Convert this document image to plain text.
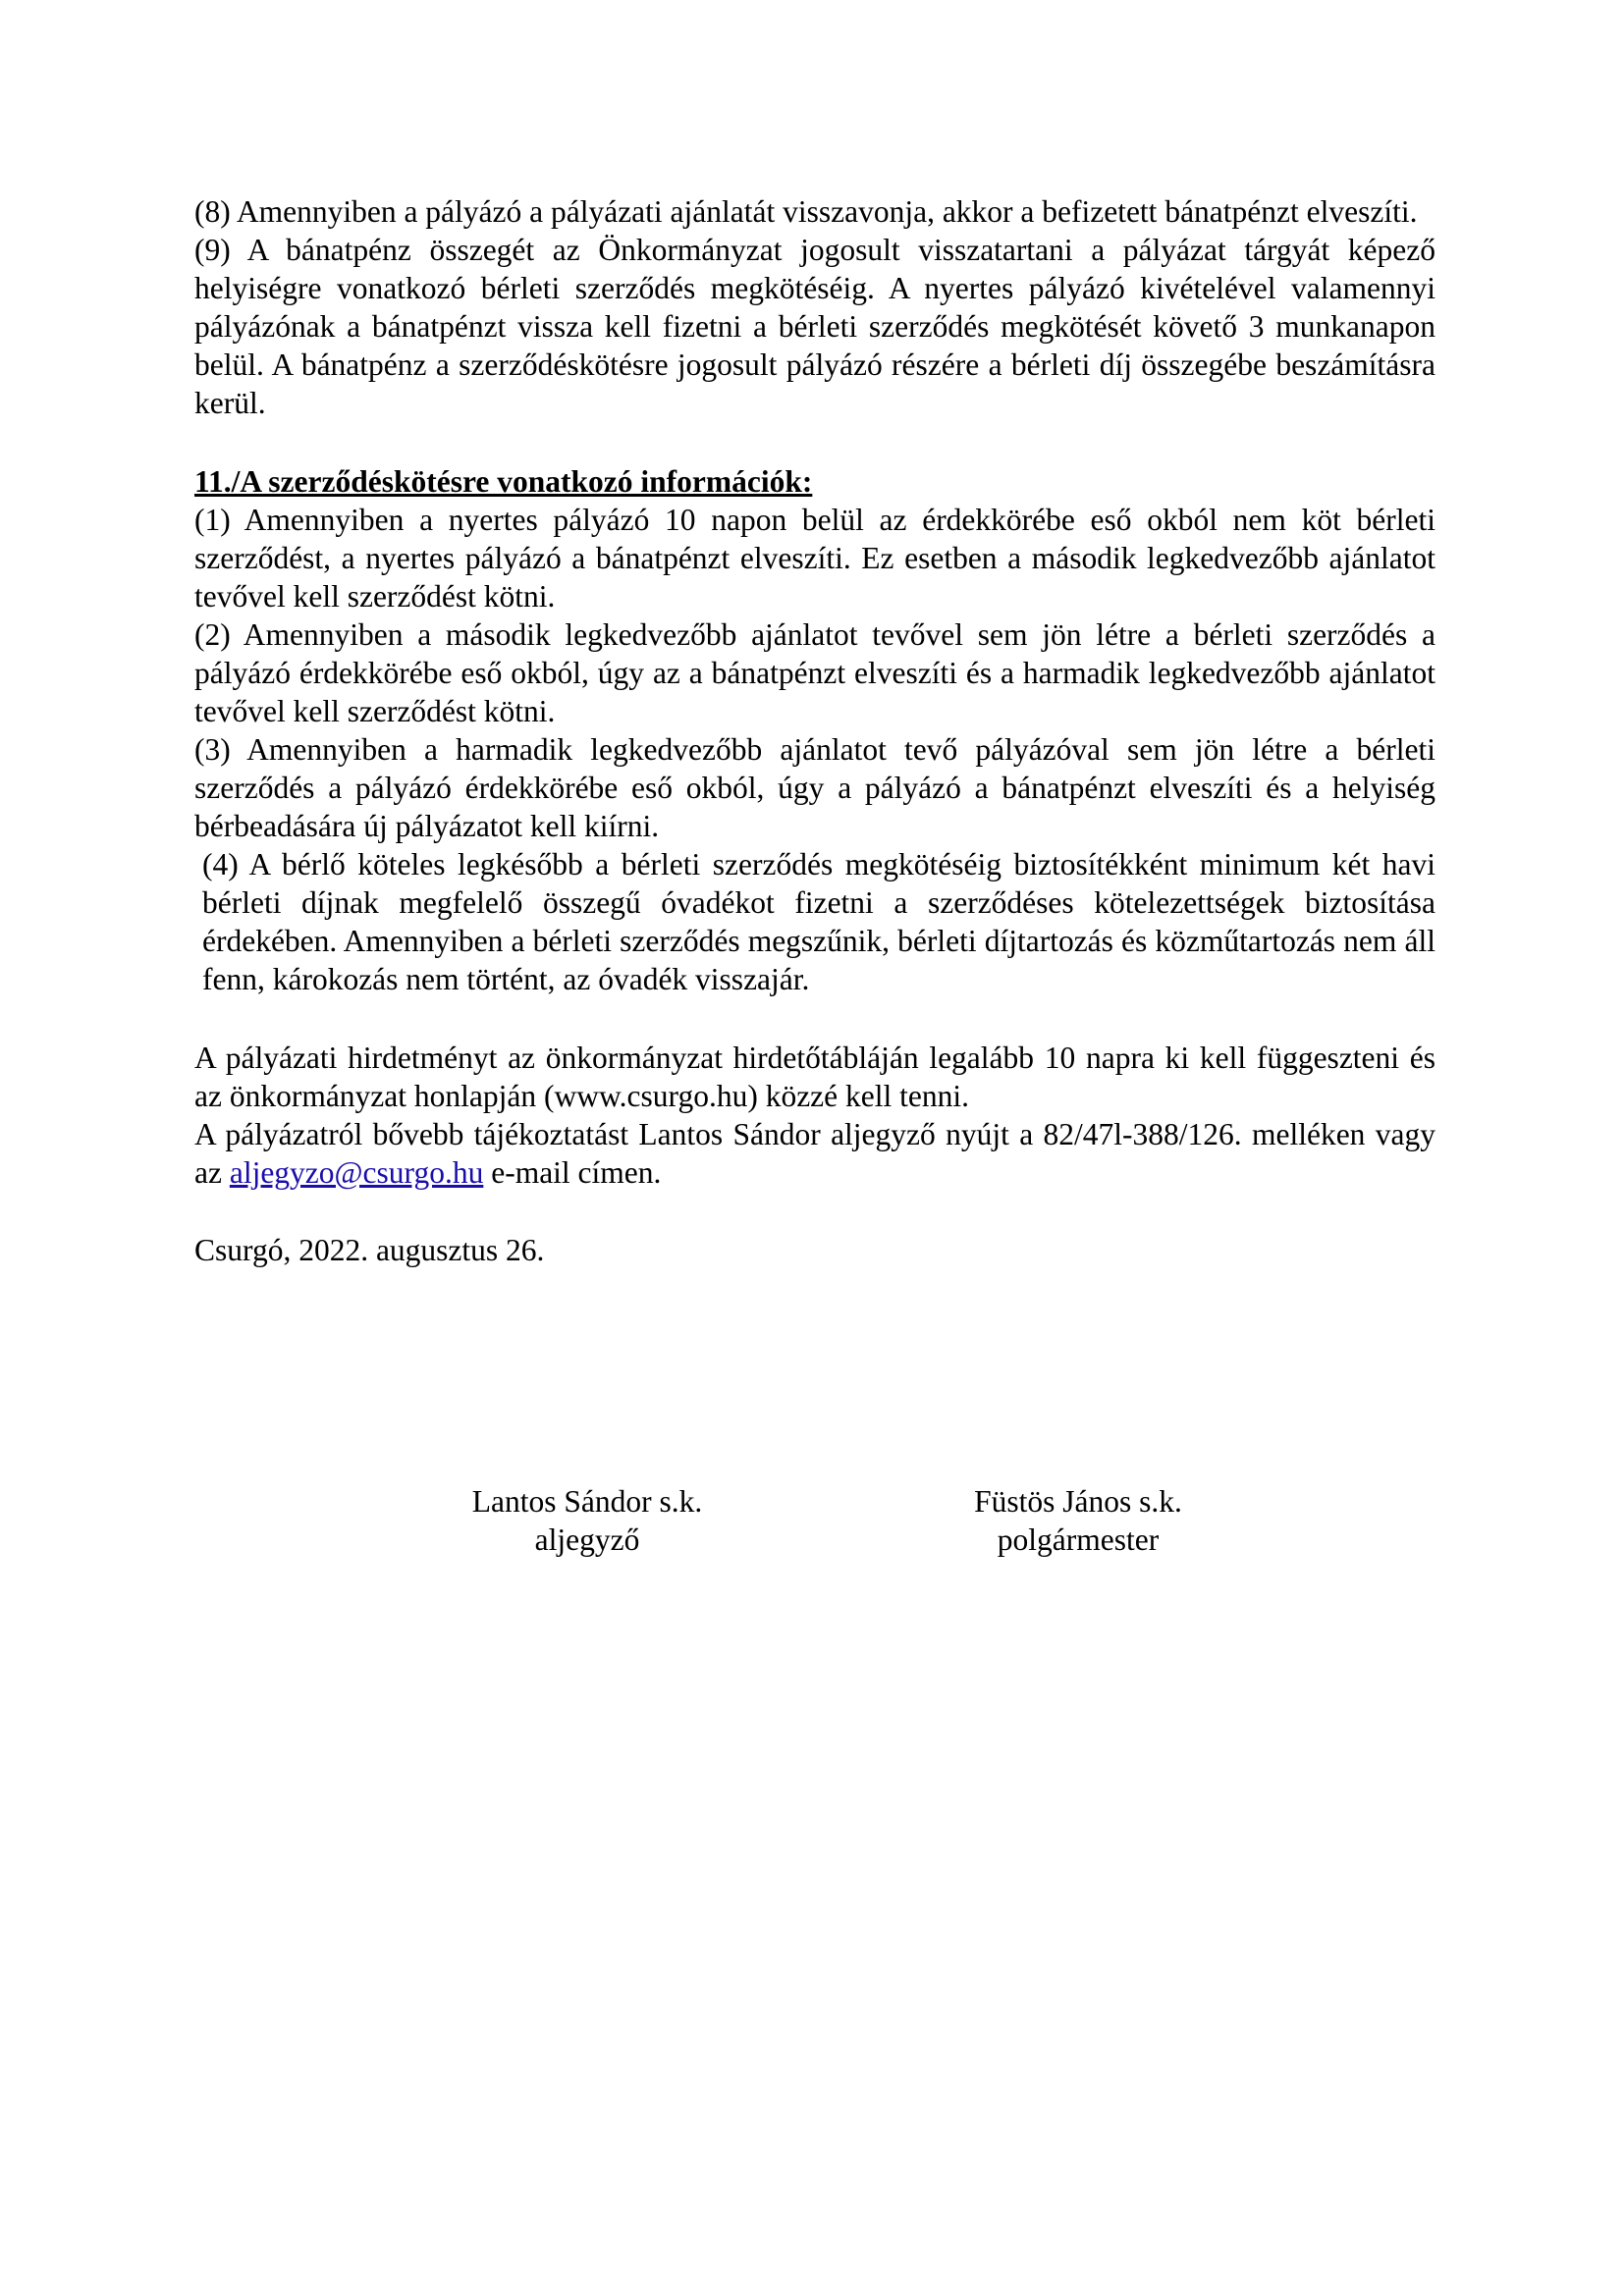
(8) Amennyiben a pályázó a pályázati ajánlatát visszavonja, akkor a befizetett bánatpénzt elveszíti.

(9) A bánatpénz összegét az Önkormányzat jogosult visszatartani a pályázat tárgyát képező helyiségre vonatkozó bérleti szerződés megkötéséig. A nyertes pályázó kivételével valamennyi pályázónak a bánatpénzt vissza kell fizetni a bérleti szerződés megkötését követő 3 munkanapon belül. A bánatpénz a szerződéskötésre jogosult pályázó részére a bérleti díj összegébe beszámításra kerül.

11./A szerződéskötésre vonatkozó információk:

(1) Amennyiben a nyertes pályázó 10 napon belül az érdekkörébe eső okból nem köt bérleti szerződést, a nyertes pályázó a bánatpénzt elveszíti. Ez esetben a második legkedvezőbb ajánlatot tevővel kell szerződést kötni.

(2) Amennyiben a második legkedvezőbb ajánlatot tevővel sem jön létre a bérleti szerződés a pályázó érdekkörébe eső okból, úgy az a bánatpénzt elveszíti és a harmadik legkedvezőbb ajánlatot tevővel kell szerződést kötni.

(3) Amennyiben a harmadik legkedvezőbb ajánlatot tevő pályázóval sem jön létre a bérleti szerződés a pályázó érdekkörébe eső okból, úgy a pályázó a bánatpénzt elveszíti és a helyiség bérbeadására új pályázatot kell kiírni.

(4) A bérlő köteles legkésőbb a bérleti szerződés megkötéséig biztosítékként minimum két havi bérleti díjnak megfelelő összegű óvadékot fizetni a szerződéses kötelezettségek biztosítása érdekében. Amennyiben a bérleti szerződés megszűnik, bérleti díjtartozás és közműtartozás nem áll fenn, károkozás nem történt, az óvadék visszajár.

A pályázati hirdetményt az önkormányzat hirdetőtábláján legalább 10 napra ki kell függeszteni és az önkormányzat honlapján (www.csurgo.hu) közzé kell tenni.

A pályázatról bővebb tájékoztatást Lantos Sándor aljegyző nyújt a 82/47l-388/126. melléken vagy az aljegyzo@csurgo.hu e-mail címen.

Csurgó, 2022. augusztus 26.

Lantos Sándor s.k.
aljegyző
Füstös János s.k.
polgármester
